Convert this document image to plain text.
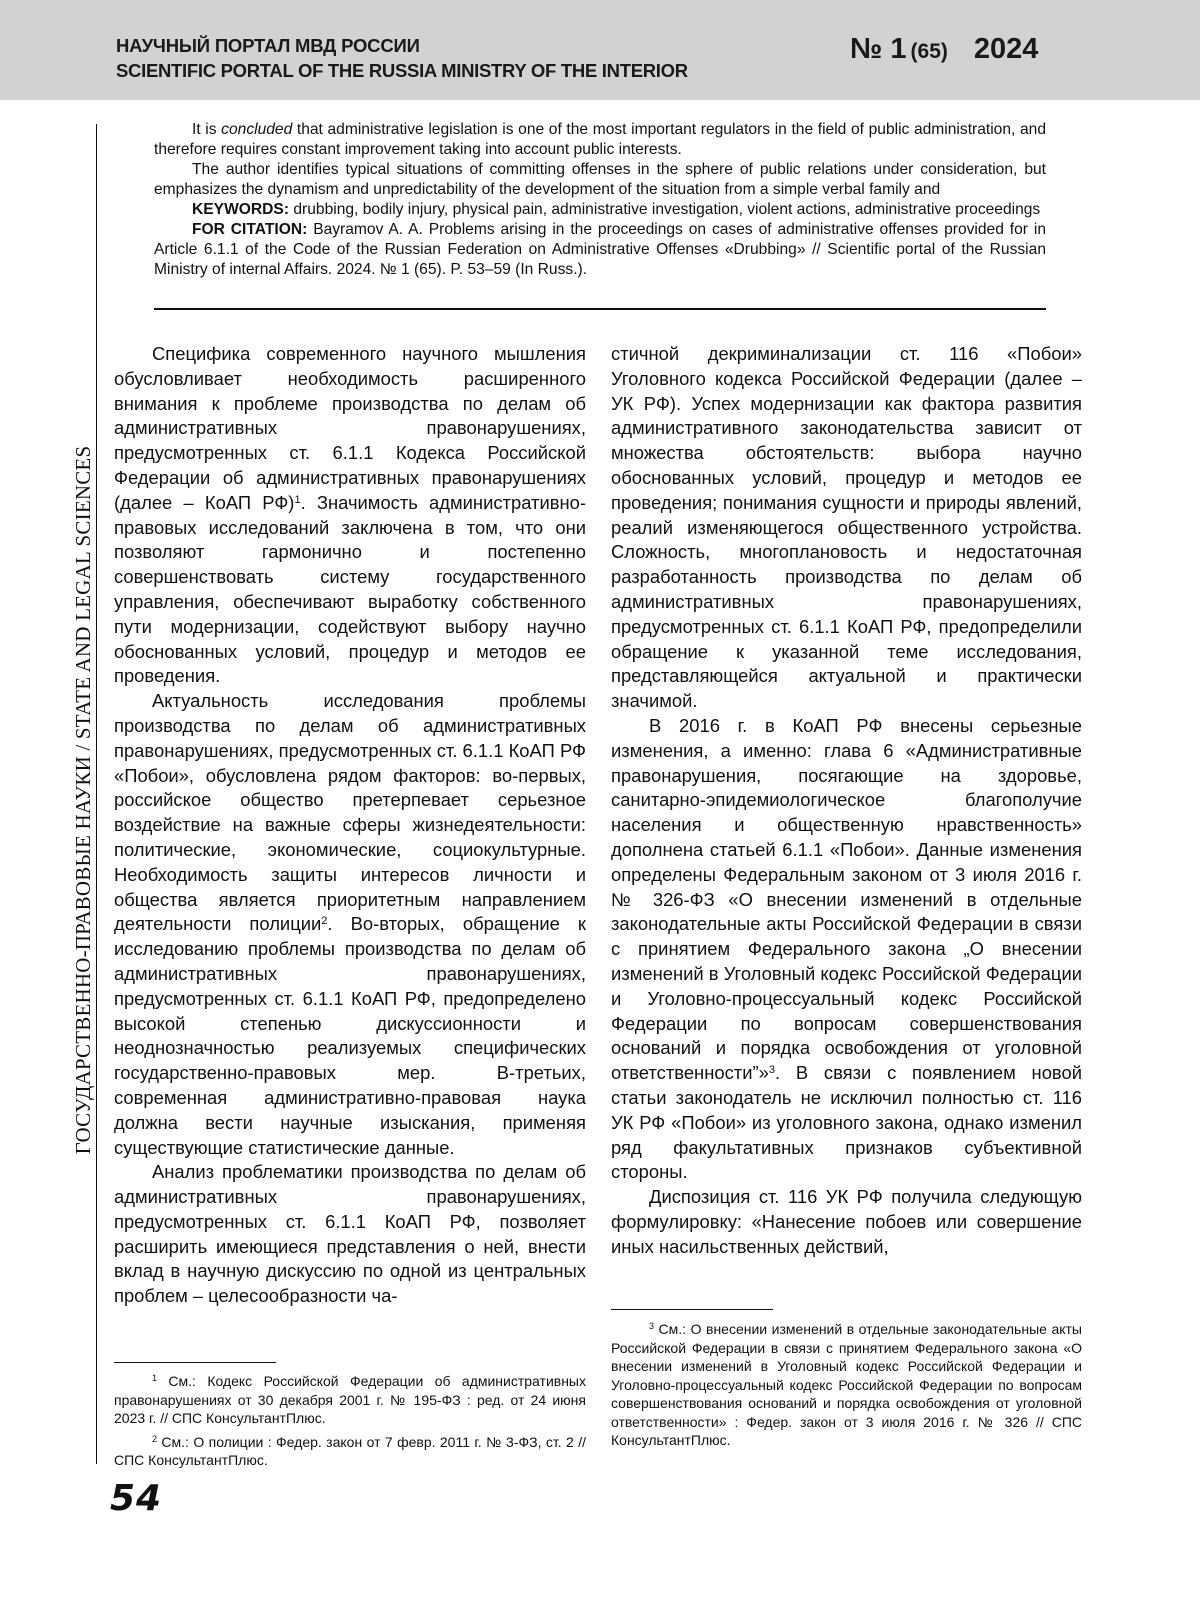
НАУЧНЫЙ ПОРТАЛ МВД РОССИИ
SCIENTIFIC PORTAL OF THE RUSSIA MINISTRY OF THE INTERIOR
№ 1 (65) 2024
ГОСУДАРСТВЕННО-ПРАВОВЫЕ НАУКИ / STATE AND LEGAL SCIENCES

It is concluded that administrative legislation is one of the most important regulators in the field of public administration, and therefore requires constant improvement taking into account public interests.

The author identifies typical situations of committing offenses in the sphere of public relations under consideration, but emphasizes the dynamism and unpredictability of the development of the situation from a simple verbal family and

KEYWORDS: drubbing, bodily injury, physical pain, administrative investigation, violent actions, administrative proceedings

FOR CITATION: Bayramov A. A. Problems arising in the proceedings on cases of administrative offenses provided for in Article 6.1.1 of the Code of the Russian Federation on Administrative Offenses «Drubbing» // Scientific portal of the Russian Ministry of internal Affairs. 2024. № 1 (65). P. 53–59 (In Russ.).

Специфика современного научного мышления обусловливает необходимость расширенного внимания к проблеме производства по делам об административных правонарушениях, предусмотренных ст. 6.1.1 Кодекса Российской Федерации об административных правонарушениях (далее – КоАП РФ)$^1$. Значимость административно-правовых исследований заключена в том, что они позволяют гармонично и постепенно совершенствовать систему государственного управления, обеспечивают выработку собственного пути модернизации, содействуют выбору научно обоснованных условий, процедур и методов ее проведения.

Актуальность исследования проблемы производства по делам об административных правонарушениях, предусмотренных ст. 6.1.1 КоАП РФ «Побои», обусловлена рядом факторов: во-первых, российское общество претерпевает серьезное воздействие на важные сферы жизнедеятельности: политические, экономические, социокультурные. Необходимость защиты интересов личности и общества является приоритетным направлением деятельности полиции$^2$. Во-вторых, обращение к исследованию проблемы производства по делам об административных правонарушениях, предусмотренных ст. 6.1.1 КоАП РФ, предопределено высокой степенью дискуссионности и неоднозначностью реализуемых специфических государственно-правовых мер. В-третьих, современная административно-правовая наука должна вести научные изыскания, применяя существующие статистические данные.

Анализ проблематики производства по делам об административных правонарушениях, предусмотренных ст. 6.1.1 КоАП РФ, позволяет расширить имеющиеся представления о ней, внести вклад в научную дискуссию по одной из центральных проблем – целесообразности ча-

стичной декриминализации ст. 116 «Побои» Уголовного кодекса Российской Федерации (далее – УК РФ). Успех модернизации как фактора развития административного законодательства зависит от множества обстоятельств: выбора научно обоснованных условий, процедур и методов ее проведения; понимания сущности и природы явлений, реалий изменяющегося общественного устройства. Сложность, многоплановость и недостаточная разработанность производства по делам об административных правонарушениях, предусмотренных ст. 6.1.1 КоАП РФ, предопределили обращение к указанной теме исследования, представляющейся актуальной и практически значимой.

В 2016 г. в КоАП РФ внесены серьезные изменения, а именно: глава 6 «Административные правонарушения, посягающие на здоровье, санитарно-эпидемиологическое благополучие населения и общественную нравственность» дополнена статьей 6.1.1 «Побои». Данные изменения определены Федеральным законом от 3 июля 2016 г. № 326-ФЗ «О внесении изменений в отдельные законодательные акты Российской Федерации в связи с принятием Федерального закона „О внесении изменений в Уголовный кодекс Российской Федерации и Уголовно-процессуальный кодекс Российской Федерации по вопросам совершенствования оснований и порядка освобождения от уголовной ответственности”»$^3$. В связи с появлением новой статьи законодатель не исключил полностью ст. 116 УК РФ «Побои» из уголовного закона, однако изменил ряд факультативных признаков субъективной стороны.

Диспозиция ст. 116 УК РФ получила следующую формулировку: «Нанесение побоев или совершение иных насильственных действий,

$^1$ См.: Кодекс Российской Федерации об административных правонарушениях от 30 декабря 2001 г. № 195-ФЗ : ред. от 24 июня 2023 г. // СПС КонсультантПлюс.

$^2$ См.: О полиции : Федер. закон от 7 февр. 2011 г. № 3-ФЗ, ст. 2 // СПС КонсультантПлюс.

$^3$ См.: О внесении изменений в отдельные законодательные акты Российской Федерации в связи с принятием Федерального закона «О внесении изменений в Уголовный кодекс Российской Федерации и Уголовно-процессуальный кодекс Российской Федерации по вопросам совершенствования оснований и порядка освобождения от уголовной ответственности» : Федер. закон от 3 июля 2016 г. № 326 // СПС КонсультантПлюс.

54
